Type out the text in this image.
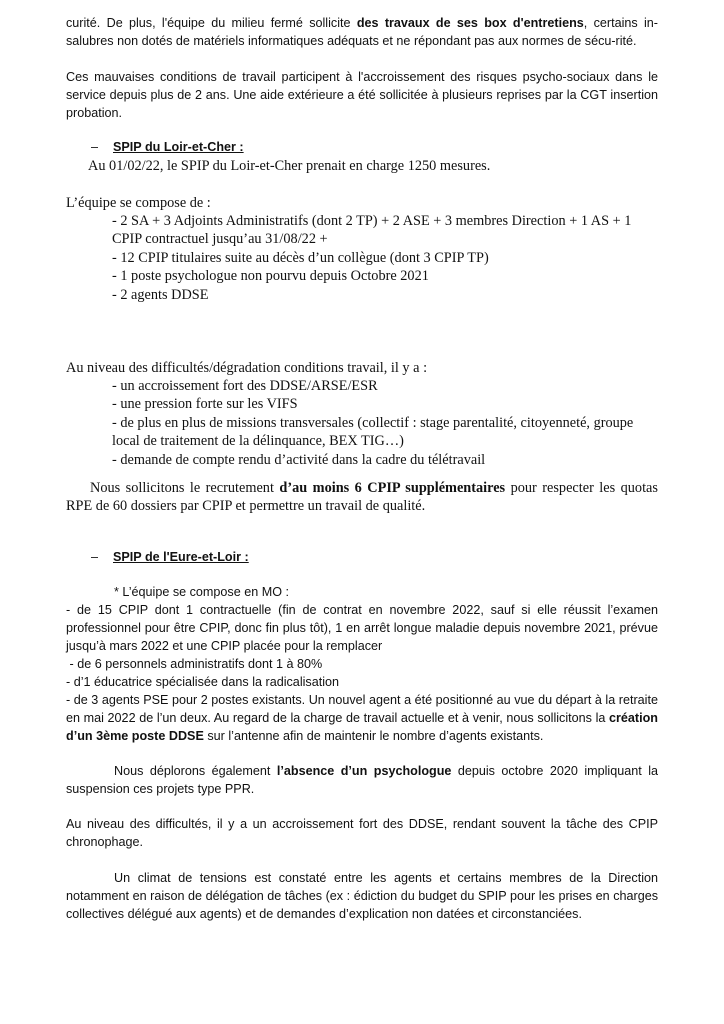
curité. De plus, l'équipe du milieu fermé sollicite des travaux de ses box d'entretiens, certains in-salubres non dotés de matériels informatiques adéquats et ne répondant pas aux normes de sécu-rité.

Ces mauvaises conditions de travail participent à l'accroissement des risques psycho-sociaux dans le service depuis plus de 2 ans. Une aide extérieure a été sollicitée à plusieurs reprises par la CGT insertion probation.

– SPIP du Loir-et-Cher :
Au 01/02/22, le SPIP du Loir-et-Cher prenait en charge 1250 mesures.
L’équipe se compose de :
- 2 SA + 3 Adjoints Administratifs (dont 2 TP) + 2 ASE + 3 membres Direction + 1 AS + 1
CPIP contractuel jusqu’au 31/08/22 +
- 12 CPIP titulaires suite au décès d’un collègue (dont 3 CPIP TP)
- 1 poste psychologue non pourvu depuis Octobre 2021
- 2 agents DDSE
Au niveau des difficultés/dégradation conditions travail, il y a :
- un accroissement fort des DDSE/ARSE/ESR
- une pression forte sur les VIFS
- de plus en plus de missions transversales (collectif : stage parentalité, citoyenneté, groupe
local de traitement de la délinquance, BEX TIG…)
- demande de compte rendu d’activité dans la cadre du télétravail

Nous sollicitons le recrutement d’au moins 6 CPIP supplémentaires pour respecter les quotas RPE de 60 dossiers par CPIP et permettre un travail de qualité.

– SPIP de l'Eure-et-Loir :
* L’équipe se compose en MO :

- de 15 CPIP dont 1 contractuelle (fin de contrat en novembre 2022, sauf si elle réussit l’examen professionnel pour être CPIP, donc fin plus tôt), 1 en arrêt longue maladie depuis novembre 2021, prévue jusqu’à mars 2022 et une CPIP placée pour la remplacer

- de 6 personnels administratifs dont 1 à 80%
- d’1 éducatrice spécialisée dans la radicalisation

- de 3 agents PSE pour 2 postes existants. Un nouvel agent a été positionné au vue du départ à la retraite en mai 2022 de l’un deux. Au regard de la charge de travail actuelle et à venir, nous sollicitons la création d’un 3ème poste DDSE sur l’antenne afin de maintenir le nombre d’agents existants.

Nous déplorons également l’absence d’un psychologue depuis octobre 2020 impliquant la suspension ces projets type PPR.

Au niveau des difficultés, il y a un accroissement fort des DDSE, rendant souvent la tâche des CPIP chronophage.

Un climat de tensions est constaté entre les agents et certains membres de la Direction notamment en raison de délégation de tâches (ex : édiction du budget du SPIP pour les prises en charges collectives délégué aux agents) et de demandes d’explication non datées et circonstanciées.
